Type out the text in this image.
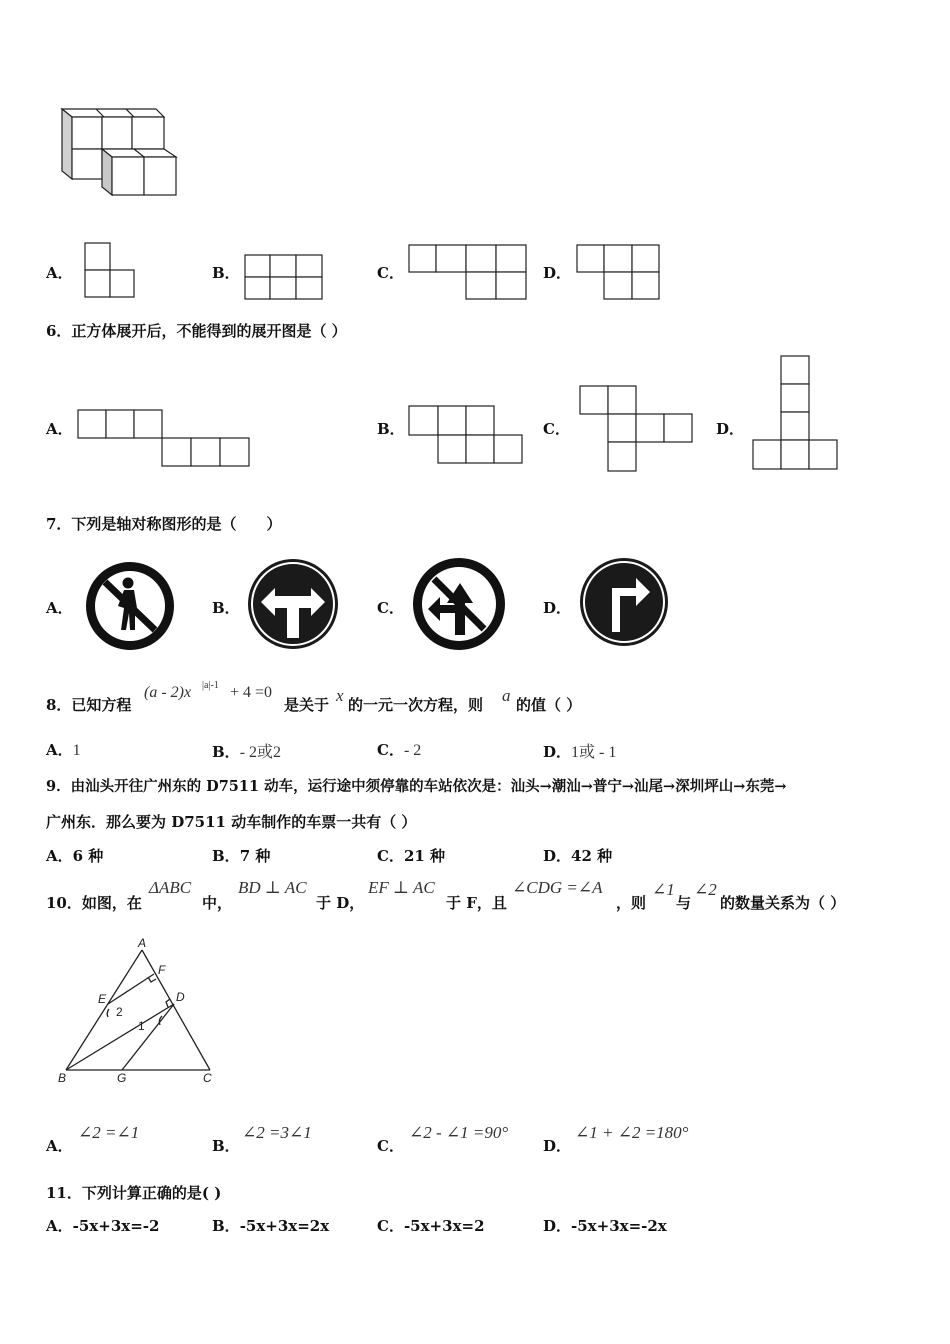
A．	B．	C．	D．
6．正方体展开后，不能得到的展开图是（ ）
A．	B．	C．	D．
7．下列是轴对称图形的是（　　）
A．	B．	C．	D．
8．已知方程
(a - 2)x |a|-1 + 4 =0
是关于 x 的一元一次方程，则 a 的值（ ）
A．1	B．- 2或2	C．- 2	D．1或 - 1
9．由汕头开往广州东的 D7511 动车，运行途中须停靠的车站依次是：汕头→潮汕→普宁→汕尾→深圳坪山→东莞→
广州东．那么要为 D7511 动车制作的车票一共有（ ）
A．6 种	B．7 种	C．21 种	D．42 种
10．如图，在
ΔABC
中，
BD ⊥ AC
于 D，
EF ⊥ AC
于 F，且
∠CDG =∠A
，则
∠1
与
∠2
的数量关系为（ ）
A
B	C
D
E
F
G
1
2
A．
∠2 =∠1
B．
∠2 =3∠1
C．
∠2 - ∠1 =90°
D．
∠1 + ∠2 =180°
11．下列计算正确的是( )
A．-5x+3x=-2	B．-5x+3x=2x	C．-5x+3x=2	D．-5x+3x=-2x
